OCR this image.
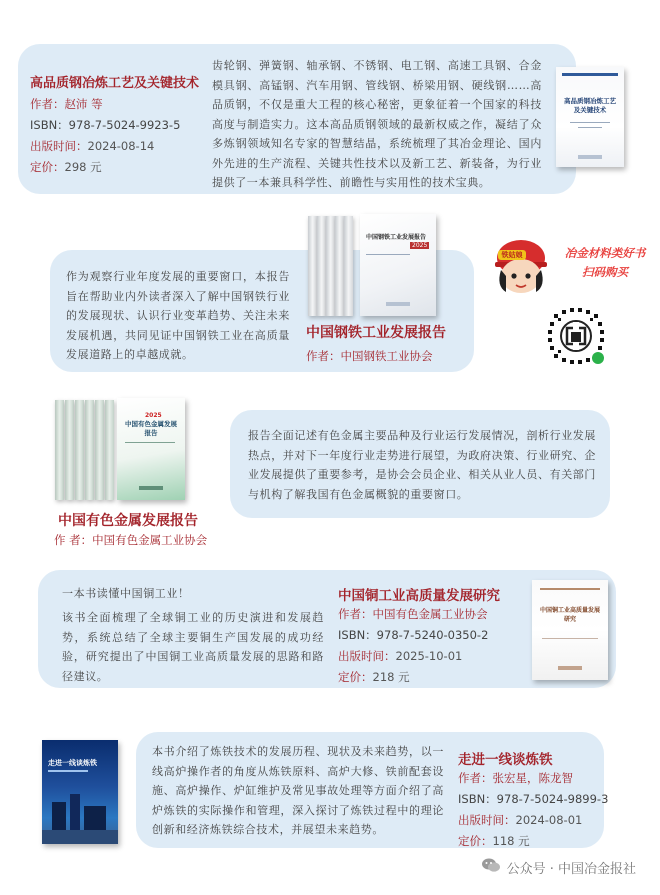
高品质钢冶炼工艺及关键技术
作者：赵沛 等
ISBN：978-7-5024-9923-5
出版时间：2024-08-14
定价：298 元
齿轮钢、弹簧钢、轴承钢、不锈钢、电工钢、高速工具钢、合金模具钢、高锰钢、汽车用钢、管线钢、桥梁用钢、硬线钢……高品质钢，不仅是重大工程的核心秘密，更象征着一个国家的科技高度与制造实力。这本高品质钢领域的最新权威之作，凝结了众多炼钢领域知名专家的智慧结晶，系统梳理了其冶金理论、国内外先进的生产流程、关键共性技术以及新工艺、新装备，为行业提供了一本兼具科学性、前瞻性与实用性的技术宝典。
高品质钢冶炼工艺及关键技术
作为观察行业年度发展的重要窗口，本报告旨在帮助业内外读者深入了解中国钢铁行业的发展现状、认识行业变革趋势、关注未来发展机遇，共同见证中国钢铁工业在高质量发展道路上的卓越成就。
中国钢铁工业发展报告
2025
中国钢铁工业发展报告
作者：中国钢铁工业协会
铁姑娘	冶金材料类好书
扫码购买
2025
中国有色金属发展报告
中国有色金属发展报告
作 者：中国有色金属工业协会
报告全面记述有色金属主要品种及行业运行发展情况，剖析行业发展热点，并对下一年度行业走势进行展望，为政府决策、行业研究、企业发展提供了重要参考，是协会会员企业、相关从业人员、有关部门与机构了解我国有色金属概貌的重要窗口。
一本书读懂中国铜工业！
该书全面梳理了全球铜工业的历史演进和发展趋势，系统总结了全球主要铜生产国发展的成功经验，研究提出了中国铜工业高质量发展的思路和路径建议。
中国铜工业高质量发展研究
作者：中国有色金属工业协会
ISBN：978-7-5240-0350-2
出版时间：2025-10-01
定价：218 元
中国铜工业高质量发展研究
走进一线谈炼铁
本书介绍了炼铁技术的发展历程、现状及未来趋势，以一线高炉操作者的角度从炼铁原料、高炉大修、铁前配套设施、高炉操作、炉缸维护及常见事故处理等方面介绍了高炉炼铁的实际操作和管理，深入探讨了炼铁过程中的理论创新和经济炼铁综合技术，并展望未来趋势。
走进一线谈炼铁
作者：张宏星，陈龙智
ISBN：978-7-5024-9899-3
出版时间：2024-08-01
定价：118 元
公众号 · 中国冶金报社
